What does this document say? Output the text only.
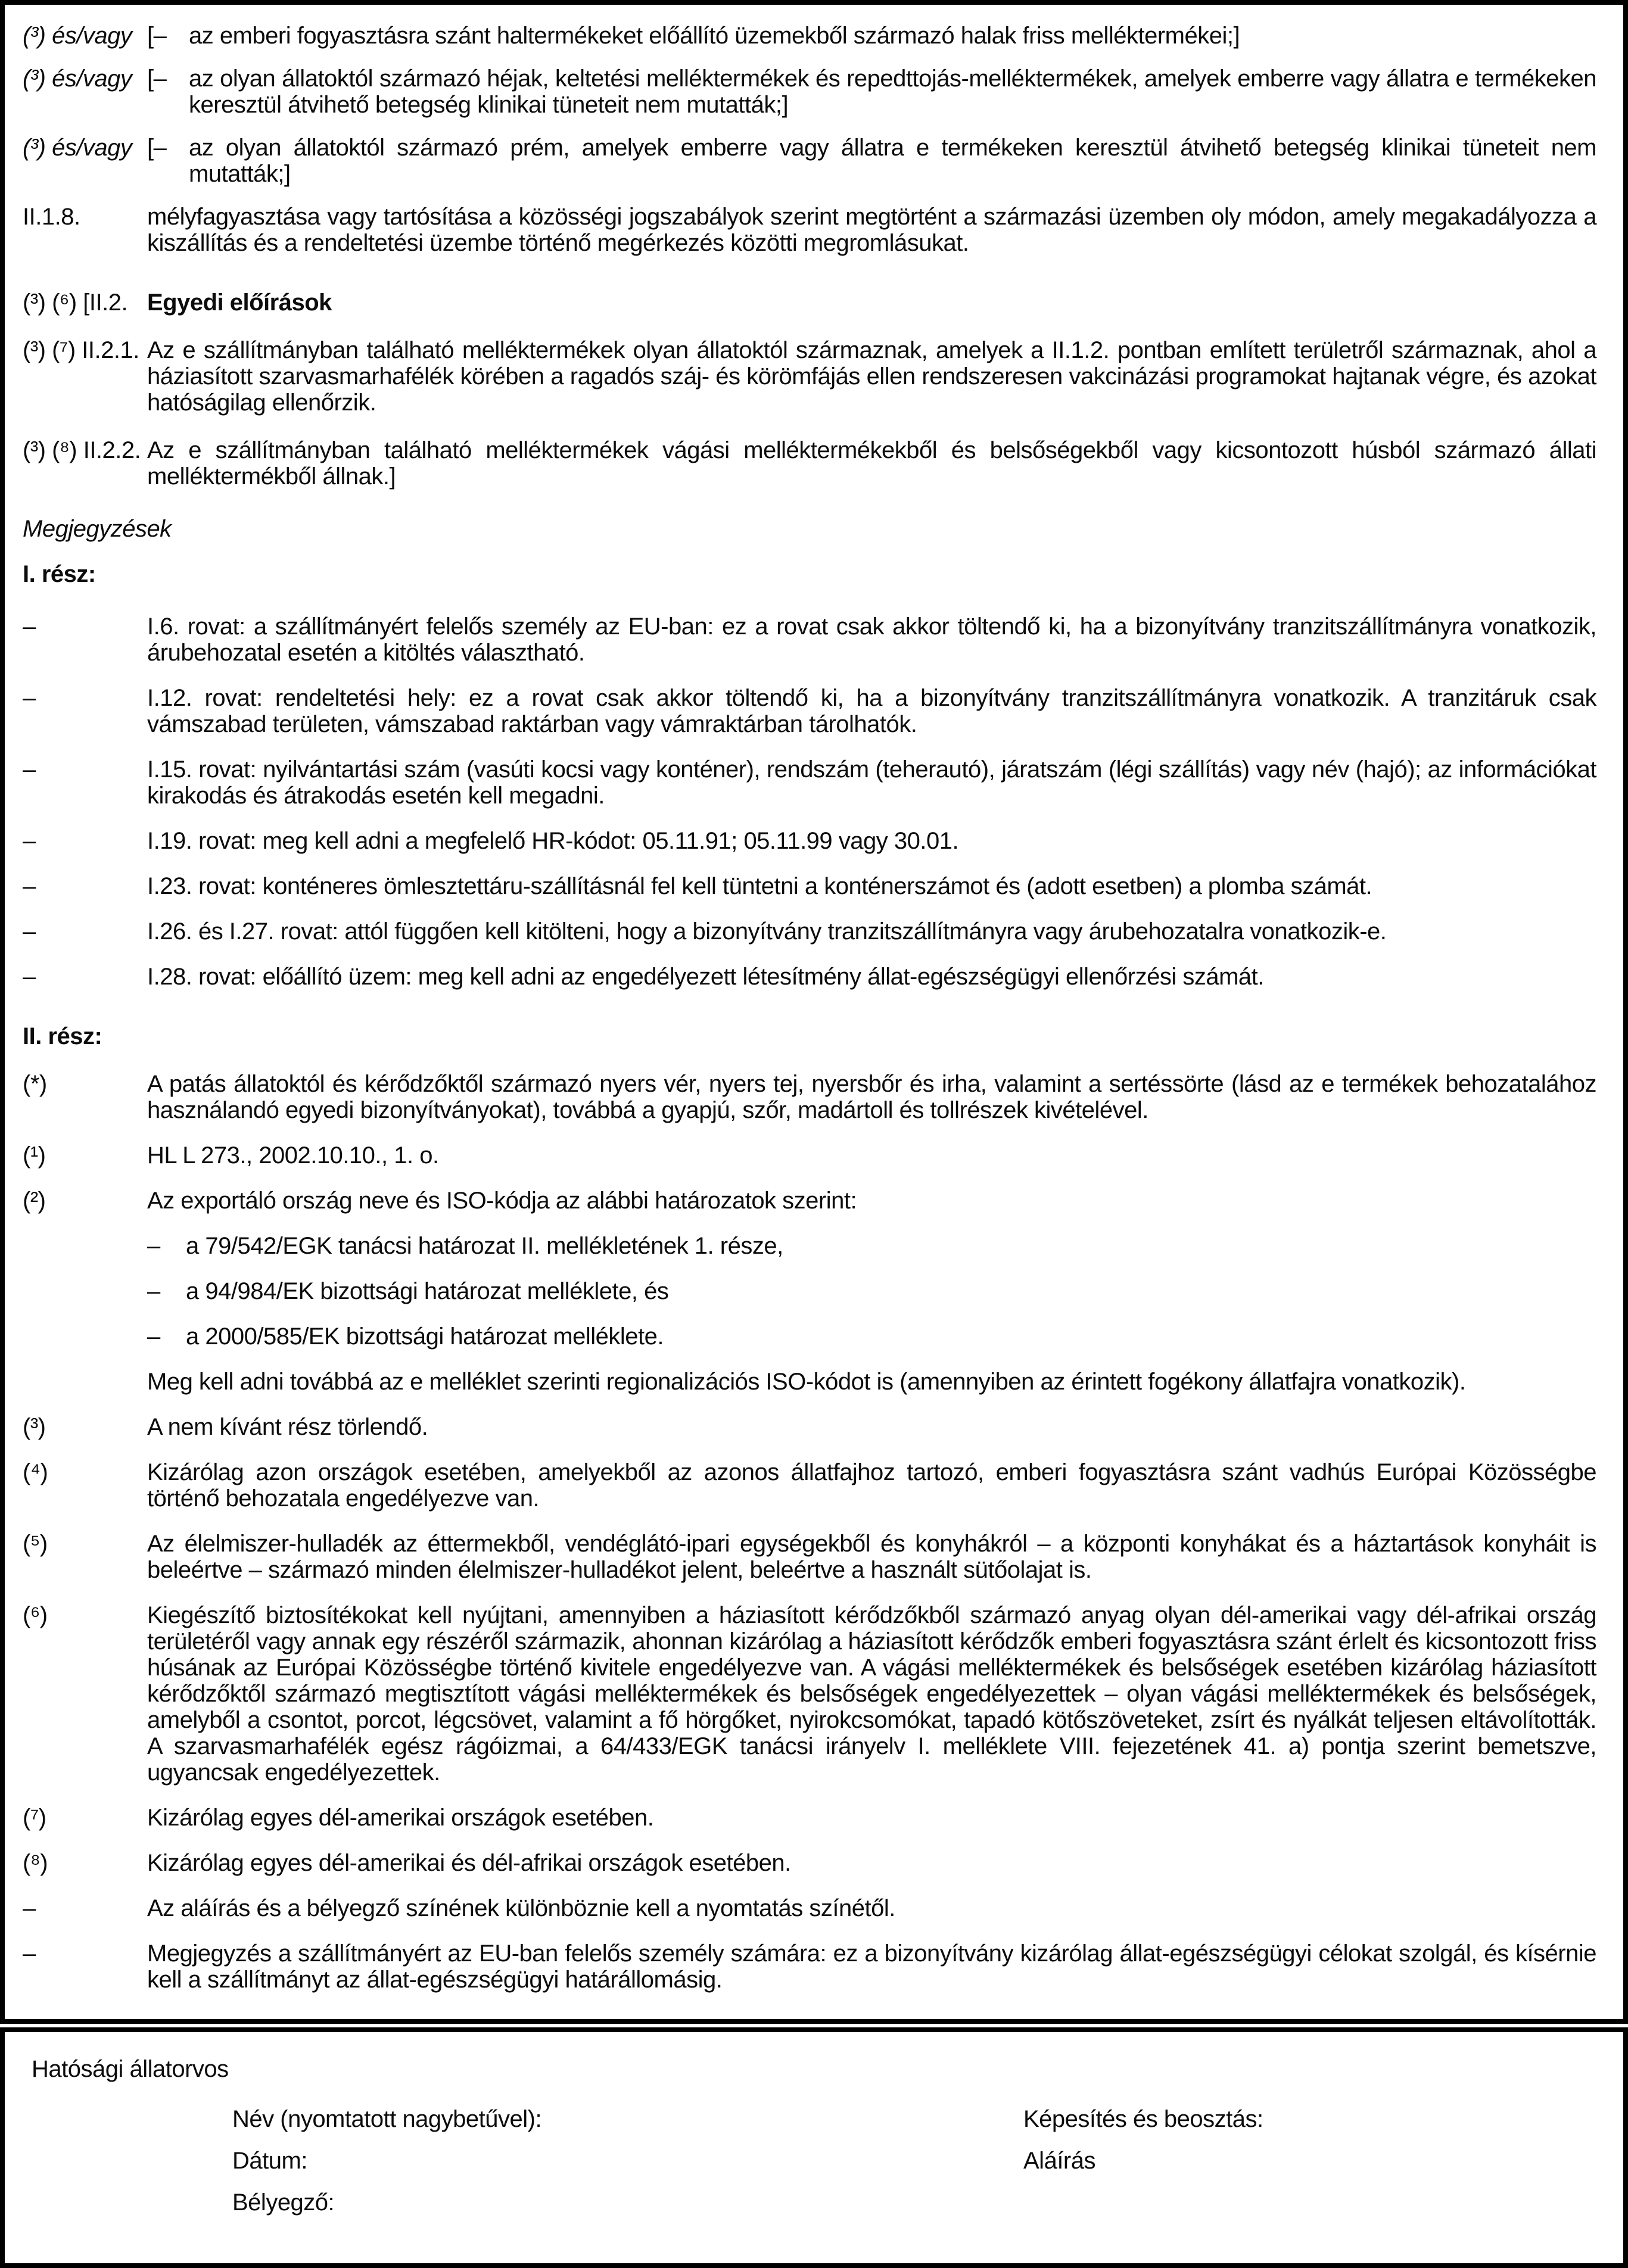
(³) és/vagy [– az emberi fogyasztásra szánt haltermékeket előállító üzemekből származó halak friss melléktermékei;]
(³) és/vagy [– az olyan állatoktól származó héjak, keltetési melléktermékek és repedttojás-melléktermékek, amelyek emberre vagy állatra e termékeken keresztül átvihető betegség klinikai tüneteit nem mutatták;]
(³) és/vagy [– az olyan állatoktól származó prém, amelyek emberre vagy állatra e termékeken keresztül átvihető betegség klinikai tüneteit nem mutatták;]
II.1.8.	mélyfagyasztása vagy tartósítása a közösségi jogszabályok szerint megtörtént a származási üzemben oly módon, amely megakadályozza a kiszállítás és a rendeltetési üzembe történő megérkezés közötti megromlásukat.
(³) (⁶) [II.2. Egyedi előírások
(³) (⁷) II.2.1. Az e szállítmányban található melléktermékek olyan állatoktól származnak, amelyek a II.1.2. pontban említett területről származnak, ahol a háziasított szarvasmarhafélék körében a ragadós száj- és körömfájás ellen rendszeresen vakcinázási programokat hajtanak végre, és azokat hatóságilag ellenőrzik.
(³) (⁸) II.2.2. Az e szállítmányban található melléktermékek vágási melléktermékekből és belsőségekből vagy kicsontozott húsból származó állati melléktermékből állnak.]
Megjegyzések
I. rész:
–	I.6. rovat: a szállítmányért felelős személy az EU-ban: ez a rovat csak akkor töltendő ki, ha a bizonyítvány tranzitszállítmányra vonatkozik, árubehozatal esetén a kitöltés választható.
–	I.12. rovat: rendeltetési hely: ez a rovat csak akkor töltendő ki, ha a bizonyítvány tranzitszállítmányra vonatkozik. A tranzitáruk csak vámszabad területen, vámszabad raktárban vagy vámraktárban tárolhatók.
–	I.15. rovat: nyilvántartási szám (vasúti kocsi vagy konténer), rendszám (teherautó), járatszám (légi szállítás) vagy név (hajó); az információkat kirakodás és átrakodás esetén kell megadni.
–	I.19. rovat: meg kell adni a megfelelő HR-kódot: 05.11.91; 05.11.99 vagy 30.01.
–	I.23. rovat: konténeres ömlesztettáru-szállításnál fel kell tüntetni a konténerszámot és (adott esetben) a plomba számát.
–	I.26. és I.27. rovat: attól függően kell kitölteni, hogy a bizonyítvány tranzitszállítmányra vagy árubehozatalra vonatkozik-e.
–	I.28. rovat: előállító üzem: meg kell adni az engedélyezett létesítmény állat-egészségügyi ellenőrzési számát.
II. rész:
(*)	A patás állatoktól és kérődzőktől származó nyers vér, nyers tej, nyersbőr és irha, valamint a sertéssörte (lásd az e termékek behozatalához használandó egyedi bizonyítványokat), továbbá a gyapjú, szőr, madártoll és tollrészek kivételével.
(¹)	HL L 273., 2002.10.10., 1. o.
(²)	Az exportáló ország neve és ISO-kódja az alábbi határozatok szerint:
–	a 79/542/EGK tanácsi határozat II. mellékletének 1. része,
–	a 94/984/EK bizottsági határozat melléklete, és
–	a 2000/585/EK bizottsági határozat melléklete.
Meg kell adni továbbá az e melléklet szerinti regionalizációs ISO-kódot is (amennyiben az érintett fogékony állatfajra vonatkozik).
(³)	A nem kívánt rész törlendő.
(⁴)	Kizárólag azon országok esetében, amelyekből az azonos állatfajhoz tartozó, emberi fogyasztásra szánt vadhús Európai Közösségbe történő behozatala engedélyezve van.
(⁵)	Az élelmiszer-hulladék az éttermekből, vendéglátó-ipari egységekből és konyhákról – a központi konyhákat és a háztartások konyháit is beleértve – származó minden élelmiszer-hulladékot jelent, beleértve a használt sütőolajat is.
(⁶)	Kiegészítő biztosítékokat kell nyújtani, amennyiben a háziasított kérődzőkből származó anyag olyan dél-amerikai vagy dél-afrikai ország területéről vagy annak egy részéről származik, ahonnan kizárólag a háziasított kérődzők emberi fogyasztásra szánt érlelt és kicsontozott friss húsának az Európai Közösségbe történő kivitele engedélyezve van. A vágási melléktermékek és belsőségek esetében kizárólag háziasított kérődzőktől származó megtisztított vágási melléktermékek és belsőségek engedélyezettek – olyan vágási melléktermékek és belsőségek, amelyből a csontot, porcot, légcsövet, valamint a fő hörgőket, nyirokcsomókat, tapadó kötőszöveteket, zsírt és nyálkát teljesen eltávolították. A szarvasmarhafélék egész rágóizmai, a 64/433/EGK tanácsi irányelv I. melléklete VIII. fejezetének 41. a) pontja szerint bemetszve, ugyancsak engedélyezettek.
(⁷)	Kizárólag egyes dél-amerikai országok esetében.
(⁸)	Kizárólag egyes dél-amerikai és dél-afrikai országok esetében.
–	Az aláírás és a bélyegző színének különböznie kell a nyomtatás színétől.
–	Megjegyzés a szállítmányért az EU-ban felelős személy számára: ez a bizonyítvány kizárólag állat-egészségügyi célokat szolgál, és kísérnie kell a szállítmányt az állat-egészségügyi határállomásig.
Hatósági állatorvos
Név (nyomtatott nagybetűvel):	Képesítés és beosztás:
Dátum:	Aláírás
Bélyegző:
